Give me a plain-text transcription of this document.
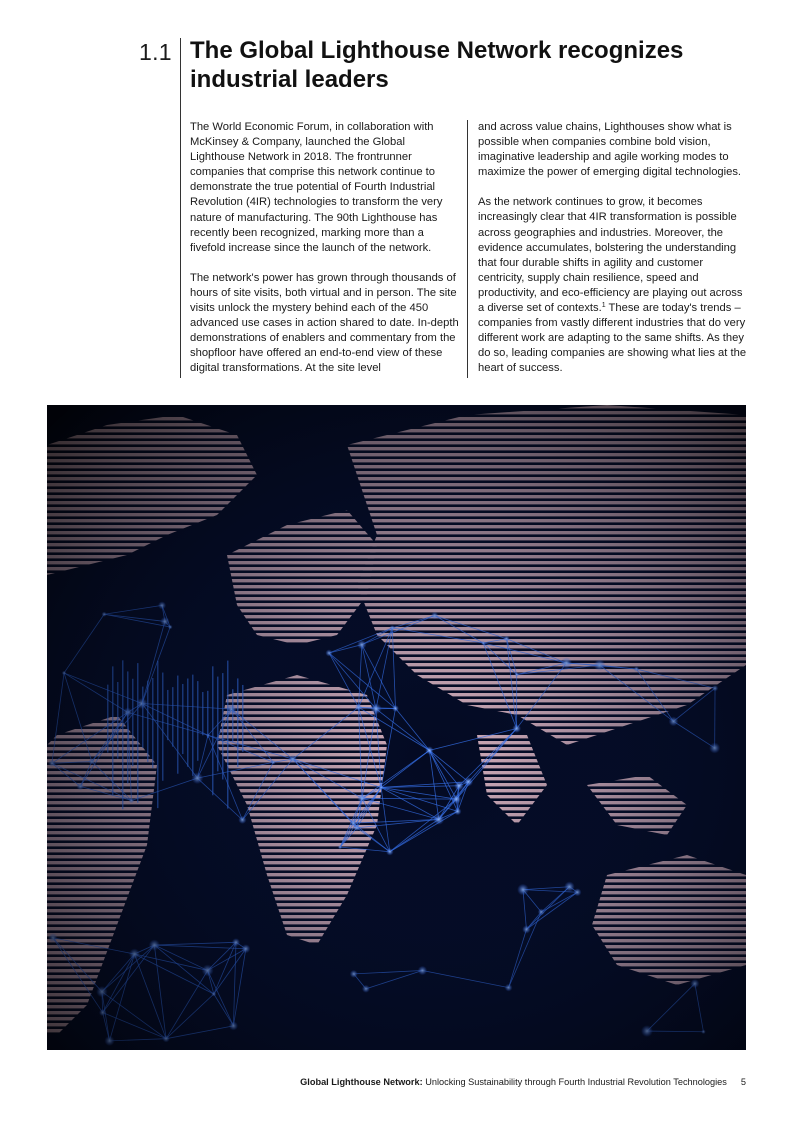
1.1 The Global Lighthouse Network recognizes industrial leaders

The World Economic Forum, in collaboration with McKinsey & Company, launched the Global Lighthouse Network in 2018. The frontrunner companies that comprise this network continue to demonstrate the true potential of Fourth Industrial Revolution (4IR) technologies to transform the very nature of manufacturing. The 90th Lighthouse has recently been recognized, marking more than a fivefold increase since the launch of the network.

The network's power has grown through thousands of hours of site visits, both virtual and in person. The site visits unlock the mystery behind each of the 450 advanced use cases in action shared to date. In-depth demonstrations of enablers and commentary from the shopfloor have offered an end-to-end view of these digital transformations. At the site level

and across value chains, Lighthouses show what is possible when companies combine bold vision, imaginative leadership and agile working modes to maximize the power of emerging digital technologies.

As the network continues to grow, it becomes increasingly clear that 4IR transformation is possible across geographies and industries. Moreover, the evidence accumulates, bolstering the understanding that four durable shifts in agility and customer centricity, supply chain resilience, speed and productivity, and eco-efficiency are playing out across a diverse set of contexts.$^1$ These are today's trends – companies from vastly different industries that do very different work are adapting to the same shifts. As they do so, leading companies are showing what lies at the heart of success.

Global Lighthouse Network: Unlocking Sustainability through Fourth Industrial Revolution Technologies 5
